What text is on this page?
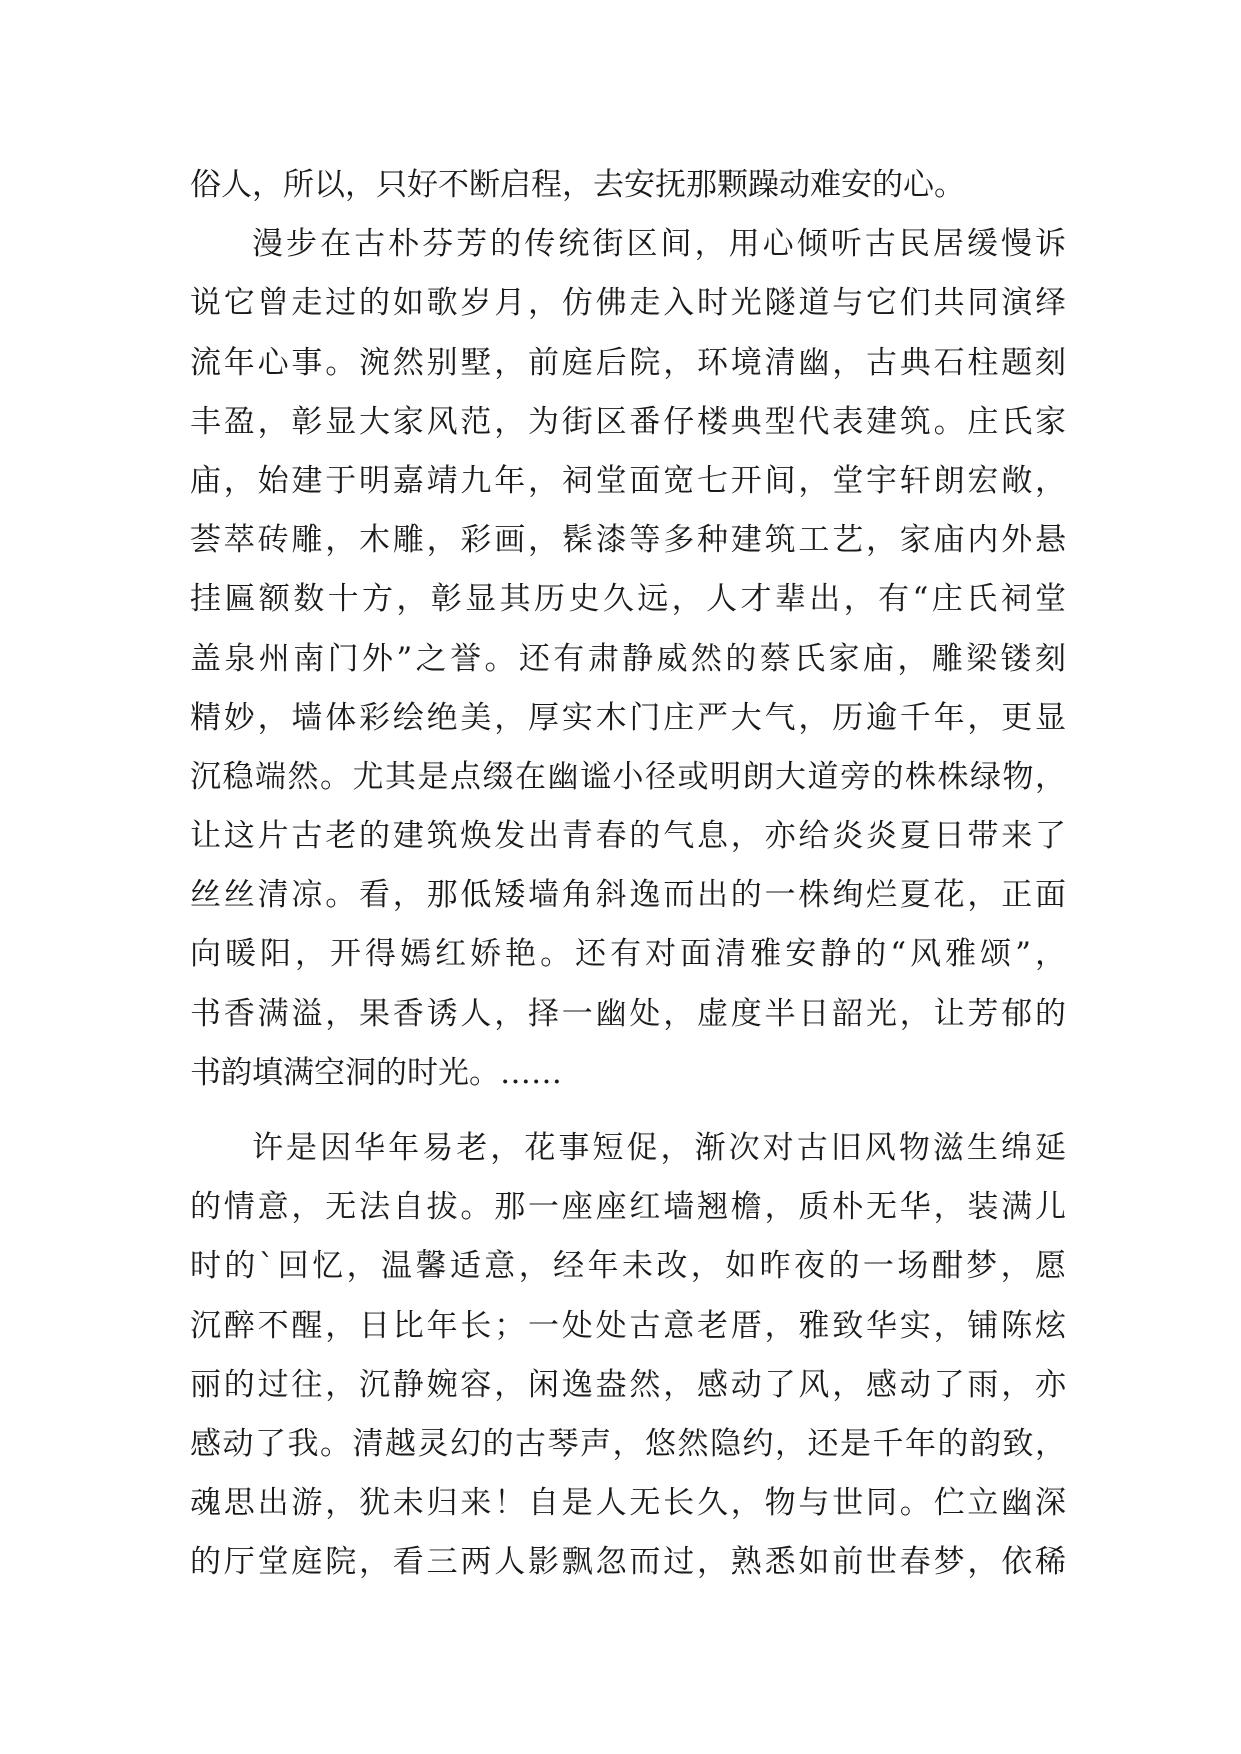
俗人，所以，只好不断启程，去安抚那颗躁动难安的心。
漫步在古朴芬芳的传统街区间，用心倾听古民居缓慢诉
说它曾走过的如歌岁月，仿佛走入时光隧道与它们共同演绎
流年心事。涴然别墅，前庭后院，环境清幽，古典石柱题刻
丰盈，彰显大家风范，为街区番仔楼典型代表建筑。庄氏家
庙，始建于明嘉靖九年，祠堂面宽七开间，堂宇轩朗宏敞，
荟萃砖雕，木雕，彩画，髹漆等多种建筑工艺，家庙内外悬
挂匾额数十方，彰显其历史久远，人才辈出，有“庄氏祠堂
盖泉州南门外”之誉。还有肃静威然的蔡氏家庙，雕梁镂刻
精妙，墙体彩绘绝美，厚实木门庄严大气，历逾千年，更显
沉稳端然。尤其是点缀在幽谧小径或明朗大道旁的株株绿物，
让这片古老的建筑焕发出青春的气息，亦给炎炎夏日带来了
丝丝清凉。看，那低矮墙角斜逸而出的一株绚烂夏花，正面
向暖阳，开得嫣红娇艳。还有对面清雅安静的“风雅颂”，
书香满溢，果香诱人，择一幽处，虚度半日韶光，让芳郁的
书韵填满空洞的时光。……
许是因华年易老，花事短促，渐次对古旧风物滋生绵延
的情意，无法自拔。那一座座红墙翘檐，质朴无华，装满儿
时的`回忆，温馨适意，经年未改，如昨夜的一场酣梦，愿
沉醉不醒，日比年长；一处处古意老厝，雅致华实，铺陈炫
丽的过往，沉静婉容，闲逸盎然，感动了风，感动了雨，亦
感动了我。清越灵幻的古琴声，悠然隐约，还是千年的韵致，
魂思出游，犹未归来！自是人无长久，物与世同。伫立幽深
的厅堂庭院，看三两人影飘忽而过，熟悉如前世春梦，依稀
